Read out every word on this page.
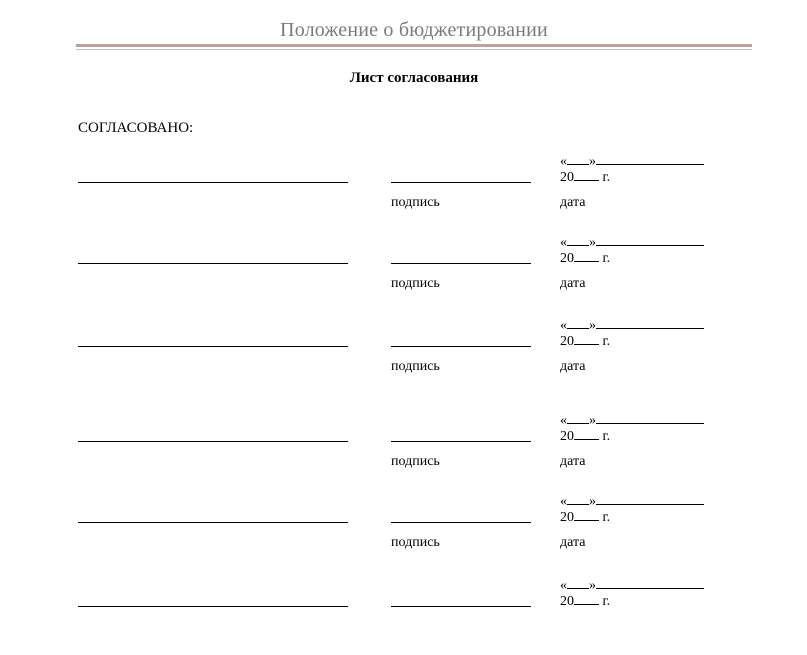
Положение о бюджетировании
Лист согласования
СОГЛАСОВАНО:
« »
20 г.
подпись	дата
« »
20 г.
подпись	дата
« »
20 г.
подпись	дата
« »
20 г.
подпись	дата
« »
20 г.
подпись	дата
« »
20 г.
